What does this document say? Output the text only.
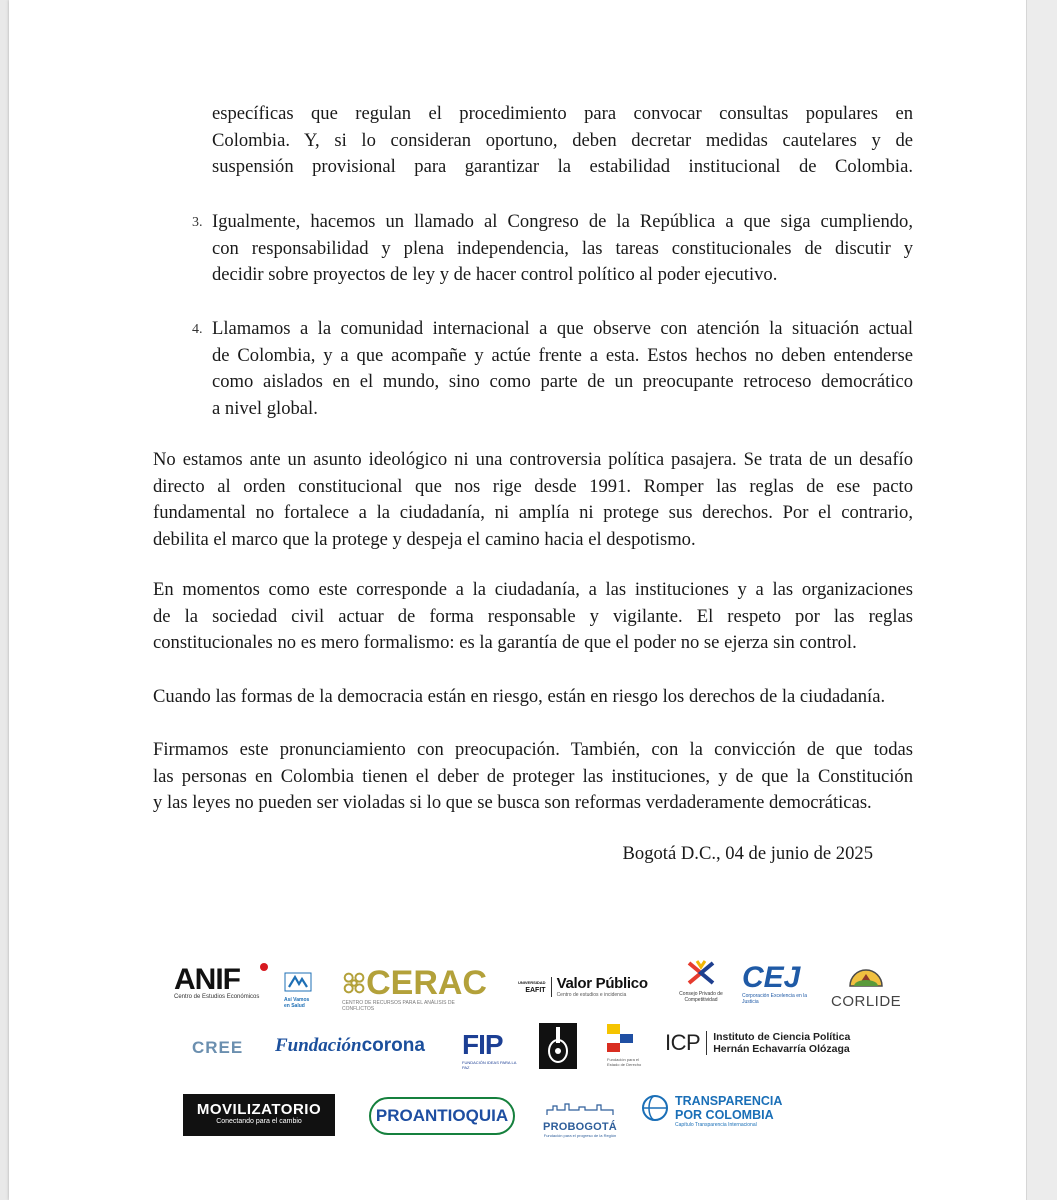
específicas que regulan el procedimiento para convocar consultas populares en

Colombia. Y, si lo consideran oportuno, deben decretar medidas cautelares y de

suspensión provisional para garantizar la estabilidad institucional de Colombia.

3. Igualmente, hacemos un llamado al Congreso de la República a que siga cumpliendo,

con responsabilidad y plena independencia, las tareas constitucionales de discutir y

decidir sobre proyectos de ley y de hacer control político al poder ejecutivo.

4. Llamamos a la comunidad internacional a que observe con atención la situación actual

de Colombia, y a que acompañe y actúe frente a esta. Estos hechos no deben entenderse

como aislados en el mundo, sino como parte de un preocupante retroceso democrático

a nivel global.

No estamos ante un asunto ideológico ni una controversia política pasajera. Se trata de un desafío

directo al orden constitucional que nos rige desde 1991. Romper las reglas de ese pacto

fundamental no fortalece a la ciudadanía, ni amplía ni protege sus derechos. Por el contrario,

debilita el marco que la protege y despeja el camino hacia el despotismo.

En momentos como este corresponde a la ciudadanía, a las instituciones y a las organizaciones

de la sociedad civil actuar de forma responsable y vigilante. El respeto por las reglas

constitucionales no es mero formalismo: es la garantía de que el poder no se ejerza sin control.

Cuando las formas de la democracia están en riesgo, están en riesgo los derechos de la ciudadanía.

Firmamos este pronunciamiento con preocupación. También, con la convicción de que todas

las personas en Colombia tienen el deber de proteger las instituciones, y de que la Constitución

y las leyes no pueden ser violadas si lo que se busca son reformas verdaderamente democráticas.

Bogotá D.C., 04 de junio de 2025
ANIF
Centro de Estudios Económicos	Así Vamos en Salud
CERAC
CENTRO DE RECURSOS PARA EL ANÁLISIS DE CONFLICTOS
UNIVERSIDAD
EAFIT Valor Público
Centro de estudios e incidencia	Consejo Privado de Competitividad
CEJ
Corporación Excelencia en la Justicia	CORLIDE
CREE Fundacióncorona FIP
FUNDACIÓN IDEAS PARA LA PAZ
Fundación para el Estado de Derecho
ICP Instituto de Ciencia Política
Hernán Echavarría Olózaga
MOVILIZATORIO
Conectando para el cambio	PROANTIOQUIA
PROBOGOTÁ
Fundación para el progreso de la Región
TRANSPARENCIA
POR COLOMBIA
Capítulo Transparencia Internacional
